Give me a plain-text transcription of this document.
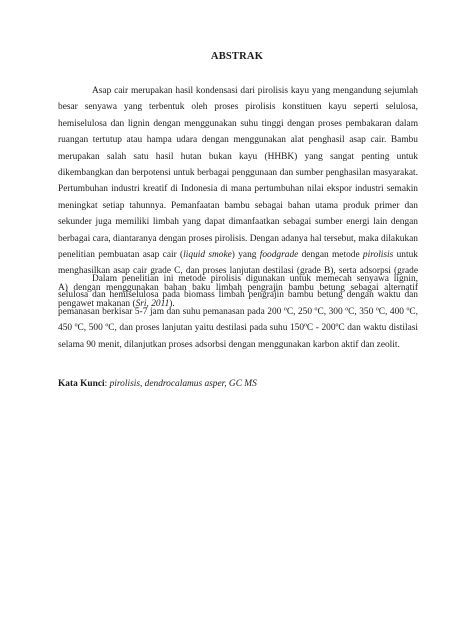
ABSTRAK

Asap cair merupakan hasil kondensasi dari pirolisis kayu yang mengandung sejumlah besar senyawa yang terbentuk oleh proses pirolisis konstituen kayu seperti selulosa, hemiselulosa dan lignin dengan menggunakan suhu tinggi dengan proses pembakaran dalam ruangan tertutup atau hampa udara dengan menggunakan alat penghasil asap cair. Bambu merupakan salah satu hasil hutan bukan kayu (HHBK) yang sangat penting untuk dikembangkan dan berpotensi untuk berbagai penggunaan dan sumber penghasilan masyarakat. Pertumbuhan industri kreatif di Indonesia di mana pertumbuhan nilai ekspor industri semakin meningkat setiap tahunnya. Pemanfaatan bambu sebagai bahan utama produk primer dan sekunder juga memiliki limbah yang dapat dimanfaatkan sebagai sumber energi lain dengan berbagai cara, diantaranya dengan proses pirolisis. Dengan adanya hal tersebut, maka dilakukan penelitian pembuatan asap cair (liquid smoke) yang foodgrade dengan metode pirolisis untuk menghasilkan asap cair grade C, dan proses lanjutan destilasi (grade B), serta adsorpsi (grade A) dengan menggunakan bahan baku limbah pengrajin bambu betung sebagai alternatif pengawet makanan (Sri, 2011).

Dalam penelitian ini metode pirolisis digunakan untuk memecah senyawa lignin, selulosa dan hemiselulosa pada biomass limbah pengrajin bambu betung dengan waktu dan pemanasan berkisar 5-7 jam dan suhu pemanasan pada 200 ºC, 250 ºC, 300 ºC, 350 ºC, 400 ºC, 450 ºC, 500 ºC, dan proses lanjutan yaitu destilasi pada suhu 150ºC - 200ºC dan waktu distilasi selama 90 menit, dilanjutkan proses adsorbsi dengan menggunakan karbon aktif dan zeolit.

Kata Kunci: pirolisis, dendrocalamus asper, GC MS
